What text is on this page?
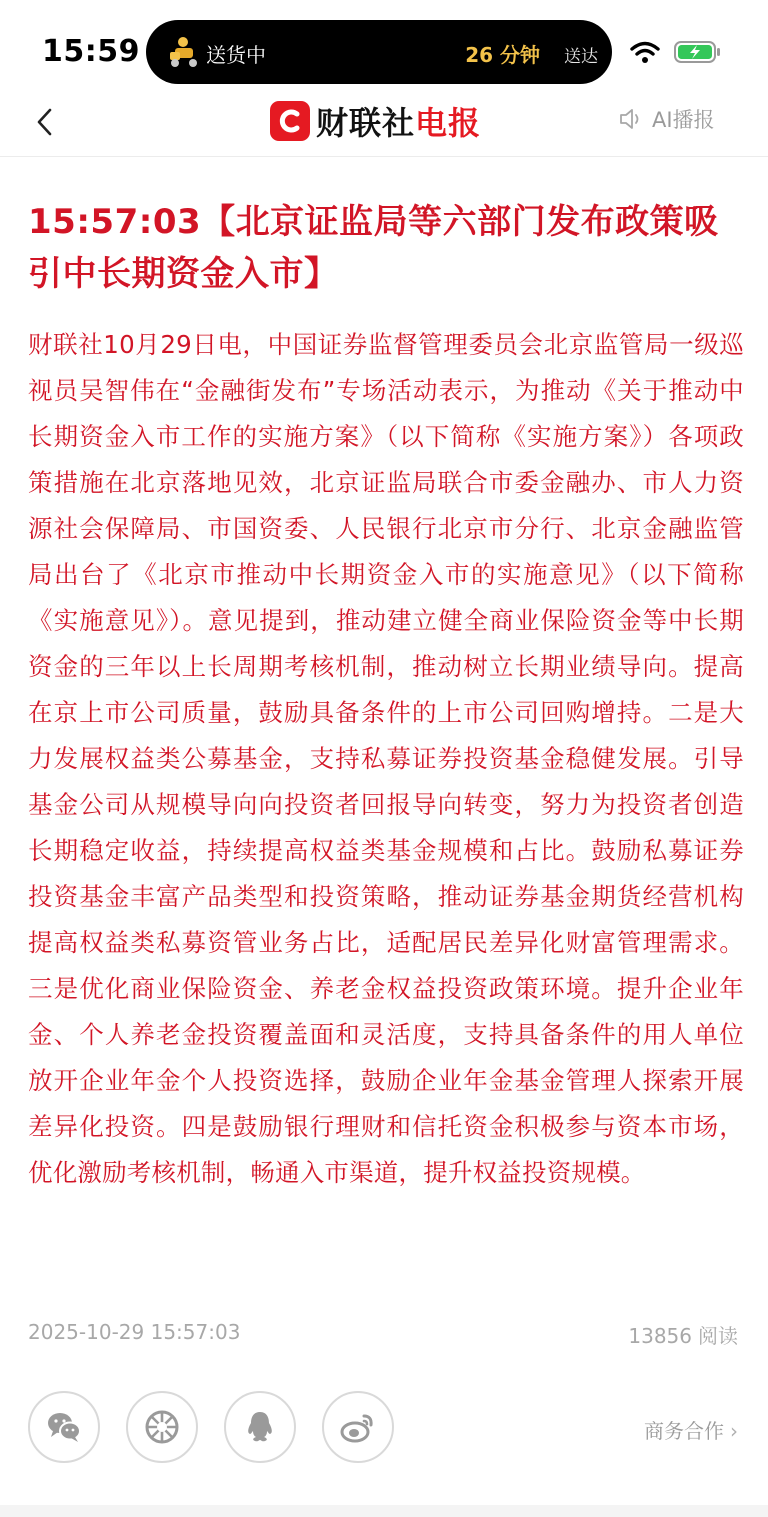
15:59	送货中	26 分钟 送达
财联社 电报	AI播报
15:57:03【北京证监局等六部门发布政策吸引中长期资金入市】

财联社10月29日电，中国证券监督管理委员会北京监管局一级巡视员吴智伟在“金融街发布”专场活动表示，为推动《关于推动中长期资金入市工作的实施方案》（以下简称《实施方案》）各项政策措施在北京落地见效，北京证监局联合市委金融办、市人力资源社会保障局、市国资委、人民银行北京市分行、北京金融监管局出台了《北京市推动中长期资金入市的实施意见》（以下简称《实施意见》）。意见提到，推动建立健全商业保险资金等中长期资金的三年以上长周期考核机制，推动树立长期业绩导向。提高在京上市公司质量，鼓励具备条件的上市公司回购增持。二是大力发展权益类公募基金，支持私募证券投资基金稳健发展。引导基金公司从规模导向向投资者回报导向转变，努力为投资者创造长期稳定收益，持续提高权益类基金规模和占比。鼓励私募证券投资基金丰富产品类型和投资策略，推动证券基金期货经营机构提高权益类私募资管业务占比，适配居民差异化财富管理需求。三是优化商业保险资金、养老金权益投资政策环境。提升企业年金、个人养老金投资覆盖面和灵活度，支持具备条件的用人单位放开企业年金个人投资选择，鼓励企业年金基金管理人探索开展差异化投资。四是鼓励银行理财和信托资金积极参与资本市场，优化激励考核机制，畅通入市渠道，提升权益投资规模。

2025-10-29 15:57:03	13856 阅读
商务合作 ›
